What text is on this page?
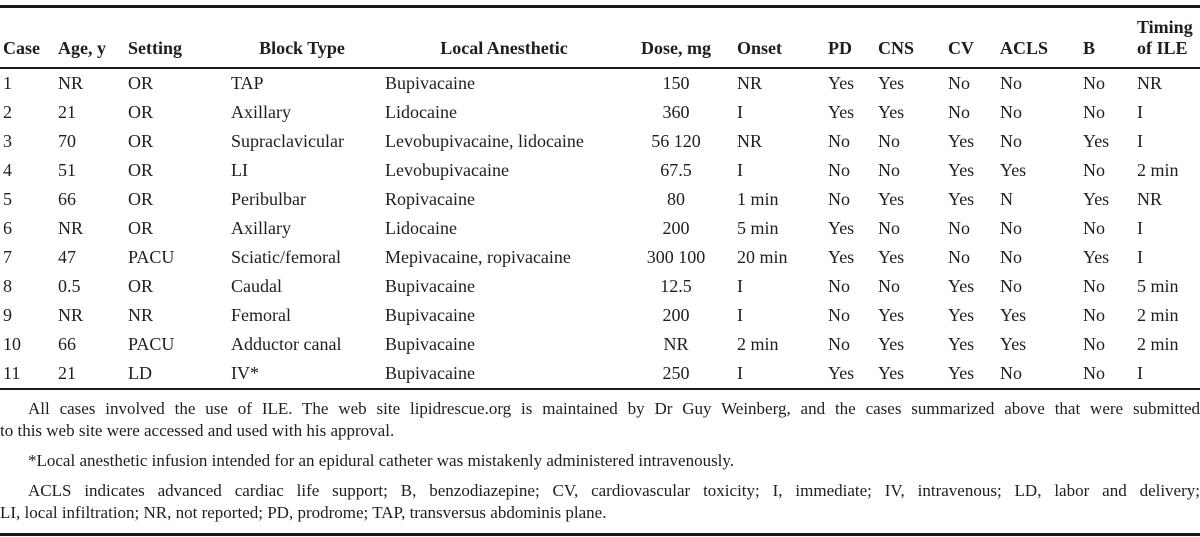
Case	Age, y	Setting	Block Type	Local Anesthetic	Dose, mg	Onset	PD	CNS	CV	ACLS	B	Timing
of ILE

1	NR	OR	TAP	Bupivacaine	150	NR	Yes	Yes	No	No	No	NR
2	21	OR	Axillary	Lidocaine	360	I	Yes	Yes	No	No	No	I
3	70	OR	Supraclavicular	Levobupivacaine, lidocaine	56 120	NR	No	No	Yes	No	Yes	I
4	51	OR	LI	Levobupivacaine	67.5	I	No	No	Yes	Yes	No	2 min
5	66	OR	Peribulbar	Ropivacaine	80	1 min	No	Yes	Yes	N	Yes	NR
6	NR	OR	Axillary	Lidocaine	200	5 min	Yes	No	No	No	No	I
7	47	PACU	Sciatic/femoral	Mepivacaine, ropivacaine	300 100	20 min	Yes	Yes	No	No	Yes	I
8	0.5	OR	Caudal	Bupivacaine	12.5	I	No	No	Yes	No	No	5 min
9	NR	NR	Femoral	Bupivacaine	200	I	No	Yes	Yes	Yes	No	2 min
10	66	PACU	Adductor canal	Bupivacaine	NR	2 min	No	Yes	Yes	Yes	No	2 min
11	21	LD	IV*	Bupivacaine	250	I	Yes	Yes	Yes	No	No	I
All cases involved the use of ILE. The web site lipidrescue.org is maintained by Dr Guy Weinberg, and the cases summarized above that were submitted
to this web site were accessed and used with his approval.
*Local anesthetic infusion intended for an epidural catheter was mistakenly administered intravenously.
ACLS indicates advanced cardiac life support; B, benzodiazepine; CV, cardiovascular toxicity; I, immediate; IV, intravenous; LD, labor and delivery;
LI, local infiltration; NR, not reported; PD, prodrome; TAP, transversus abdominis plane.
